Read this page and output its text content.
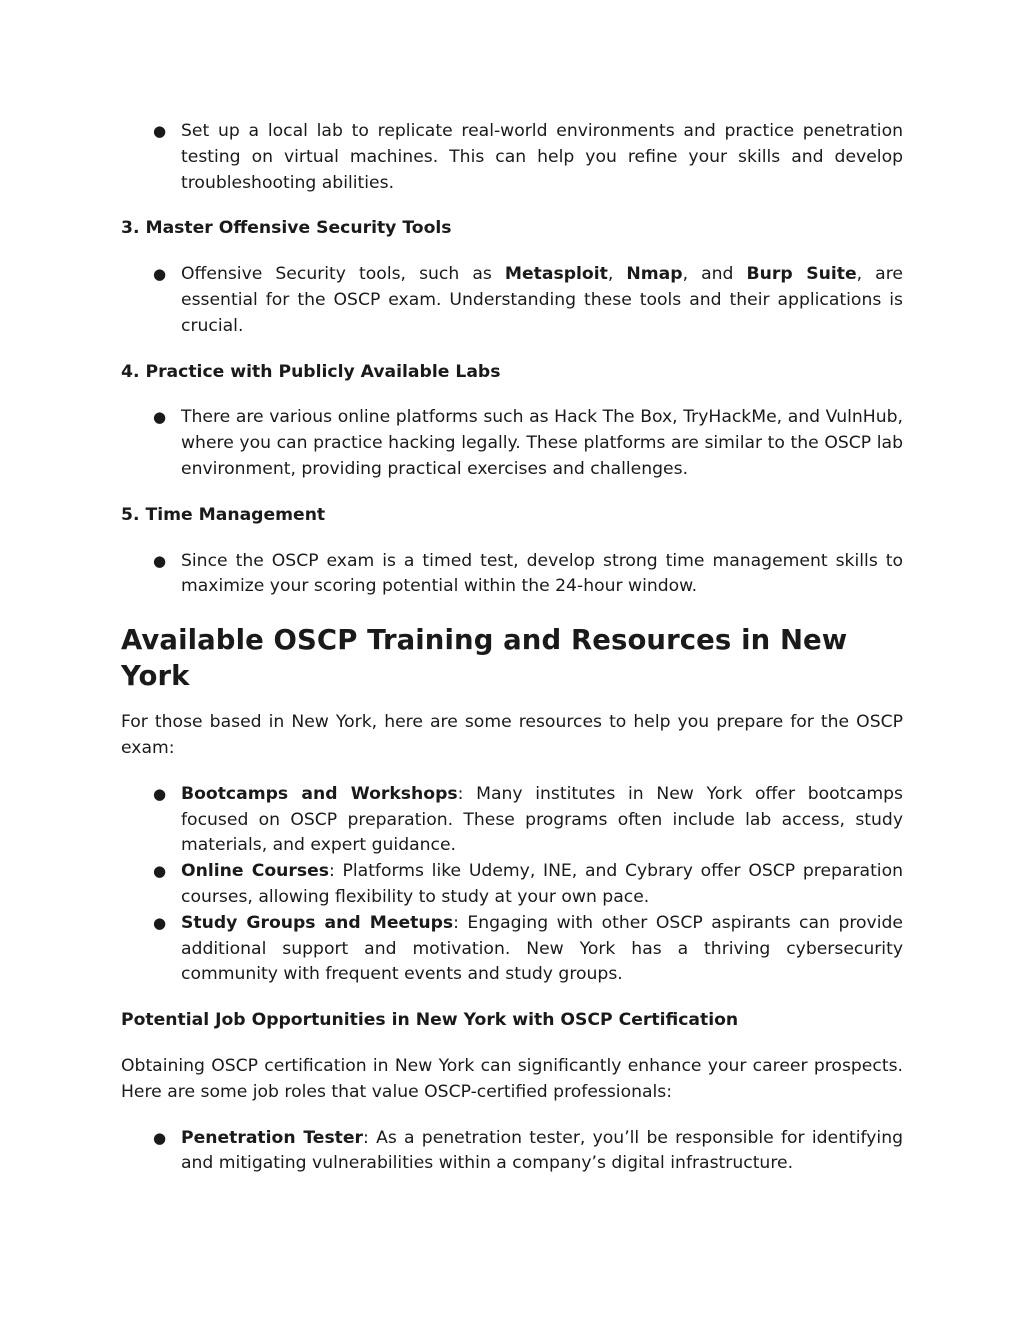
● Set up a local lab to replicate real-world environments and practice penetration testing on virtual machines. This can help you refine your skills and develop troubleshooting abilities.
3. Master Offensive Security Tools
● Offensive Security tools, such as Metasploit, Nmap, and Burp Suite, are essential for the OSCP exam. Understanding these tools and their applications is crucial.
4. Practice with Publicly Available Labs
● There are various online platforms such as Hack The Box, TryHackMe, and VulnHub, where you can practice hacking legally. These platforms are similar to the OSCP lab environment, providing practical exercises and challenges.
5. Time Management
● Since the OSCP exam is a timed test, develop strong time management skills to maximize your scoring potential within the 24-hour window.
Available OSCP Training and Resources in New York

For those based in New York, here are some resources to help you prepare for the OSCP exam:

● Bootcamps and Workshops: Many institutes in New York offer bootcamps focused on OSCP preparation. These programs often include lab access, study materials, and expert guidance.
● Online Courses: Platforms like Udemy, INE, and Cybrary offer OSCP preparation courses, allowing flexibility to study at your own pace.
● Study Groups and Meetups: Engaging with other OSCP aspirants can provide additional support and motivation. New York has a thriving cybersecurity community with frequent events and study groups.
Potential Job Opportunities in New York with OSCP Certification

Obtaining OSCP certification in New York can significantly enhance your career prospects. Here are some job roles that value OSCP-certified professionals:

● Penetration Tester: As a penetration tester, you’ll be responsible for identifying and mitigating vulnerabilities within a company’s digital infrastructure.
